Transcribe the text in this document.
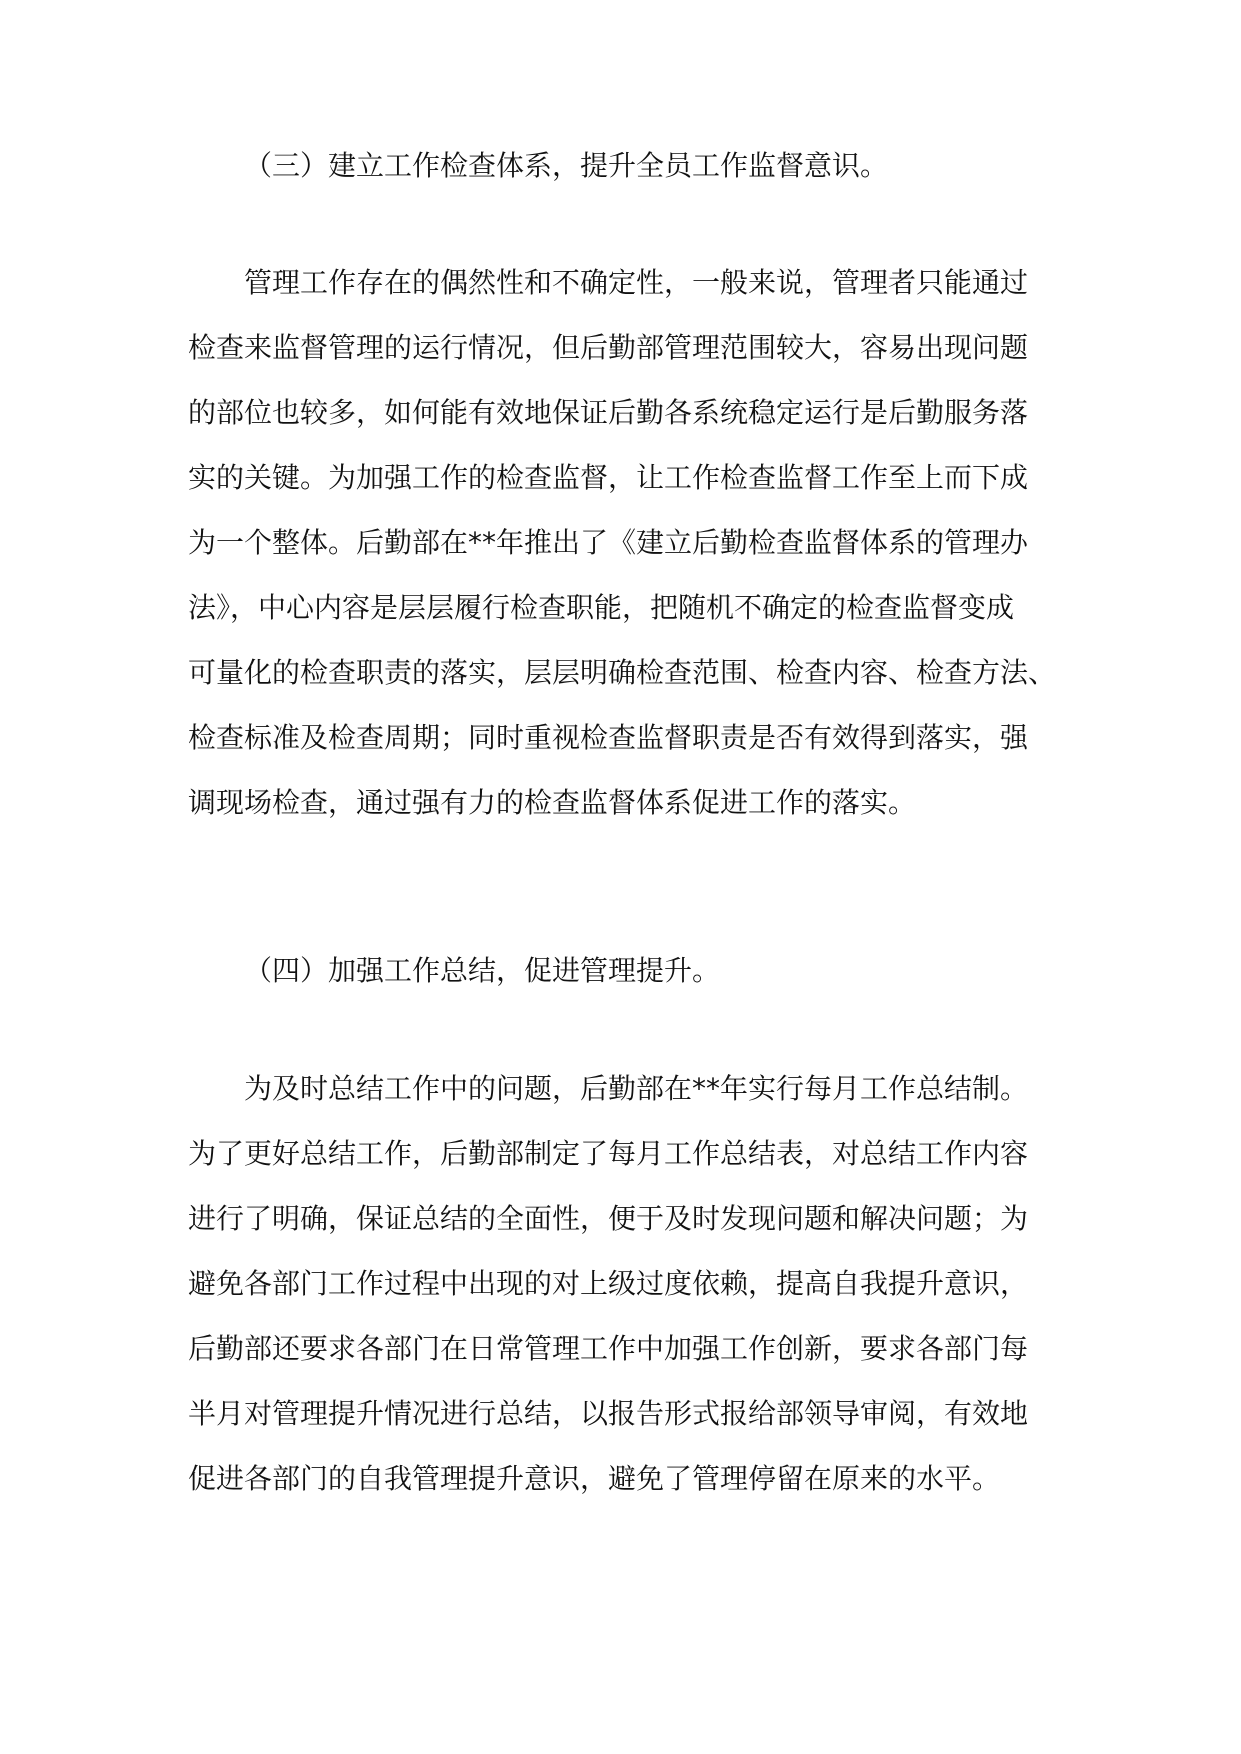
（三）建立工作检查体系，提升全员工作监督意识。
管理工作存在的偶然性和不确定性，一般来说，管理者只能通过
检查来监督管理的运行情况，但后勤部管理范围较大，容易出现问题
的部位也较多，如何能有效地保证后勤各系统稳定运行是后勤服务落
实的关键。为加强工作的检查监督，让工作检查监督工作至上而下成
为一个整体。后勤部在**年推出了《建立后勤检查监督体系的管理办
法》，中心内容是层层履行检查职能，把随机不确定的检查监督变成
可量化的检查职责的落实，层层明确检查范围、检查内容、检查方法、
检查标准及检查周期；同时重视检查监督职责是否有效得到落实，强
调现场检查，通过强有力的检查监督体系促进工作的落实。
（四）加强工作总结，促进管理提升。
为及时总结工作中的问题，后勤部在**年实行每月工作总结制。
为了更好总结工作，后勤部制定了每月工作总结表，对总结工作内容
进行了明确，保证总结的全面性，便于及时发现问题和解决问题；为
避免各部门工作过程中出现的对上级过度依赖，提高自我提升意识，
后勤部还要求各部门在日常管理工作中加强工作创新，要求各部门每
半月对管理提升情况进行总结，以报告形式报给部领导审阅，有效地
促进各部门的自我管理提升意识，避免了管理停留在原来的水平。
